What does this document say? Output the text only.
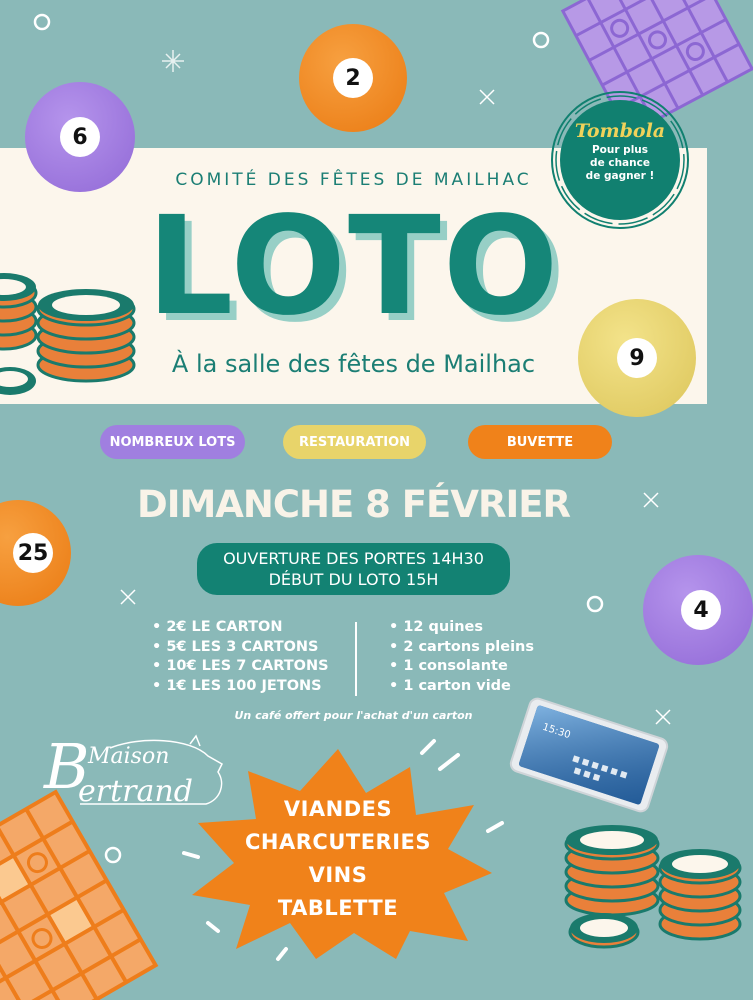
2
6
9
25
4
Tombola
Pour plus
de chance
de gagner !
COMITÉ DES FÊTES DE MAILHAC
LOTO
À la salle des fêtes de Mailhac
NOMBREUX LOTS	RESTAURATION	BUVETTE
DIMANCHE 8 FÉVRIER
OUVERTURE DES PORTES 14H30
DÉBUT DU LOTO 15H
• 2€ LE CARTON
• 5€ LES 3 CARTONS
• 10€ LES 7 CARTONS
• 1€ LES 100 JETONS
• 12 quines
• 2 cartons pleins
• 1 consolante
• 1 carton vide
Un café offert pour l'achat d'un carton
B
Maison
ertrand
15:30
VIANDES
CHARCUTERIES
VINS
TABLETTE
